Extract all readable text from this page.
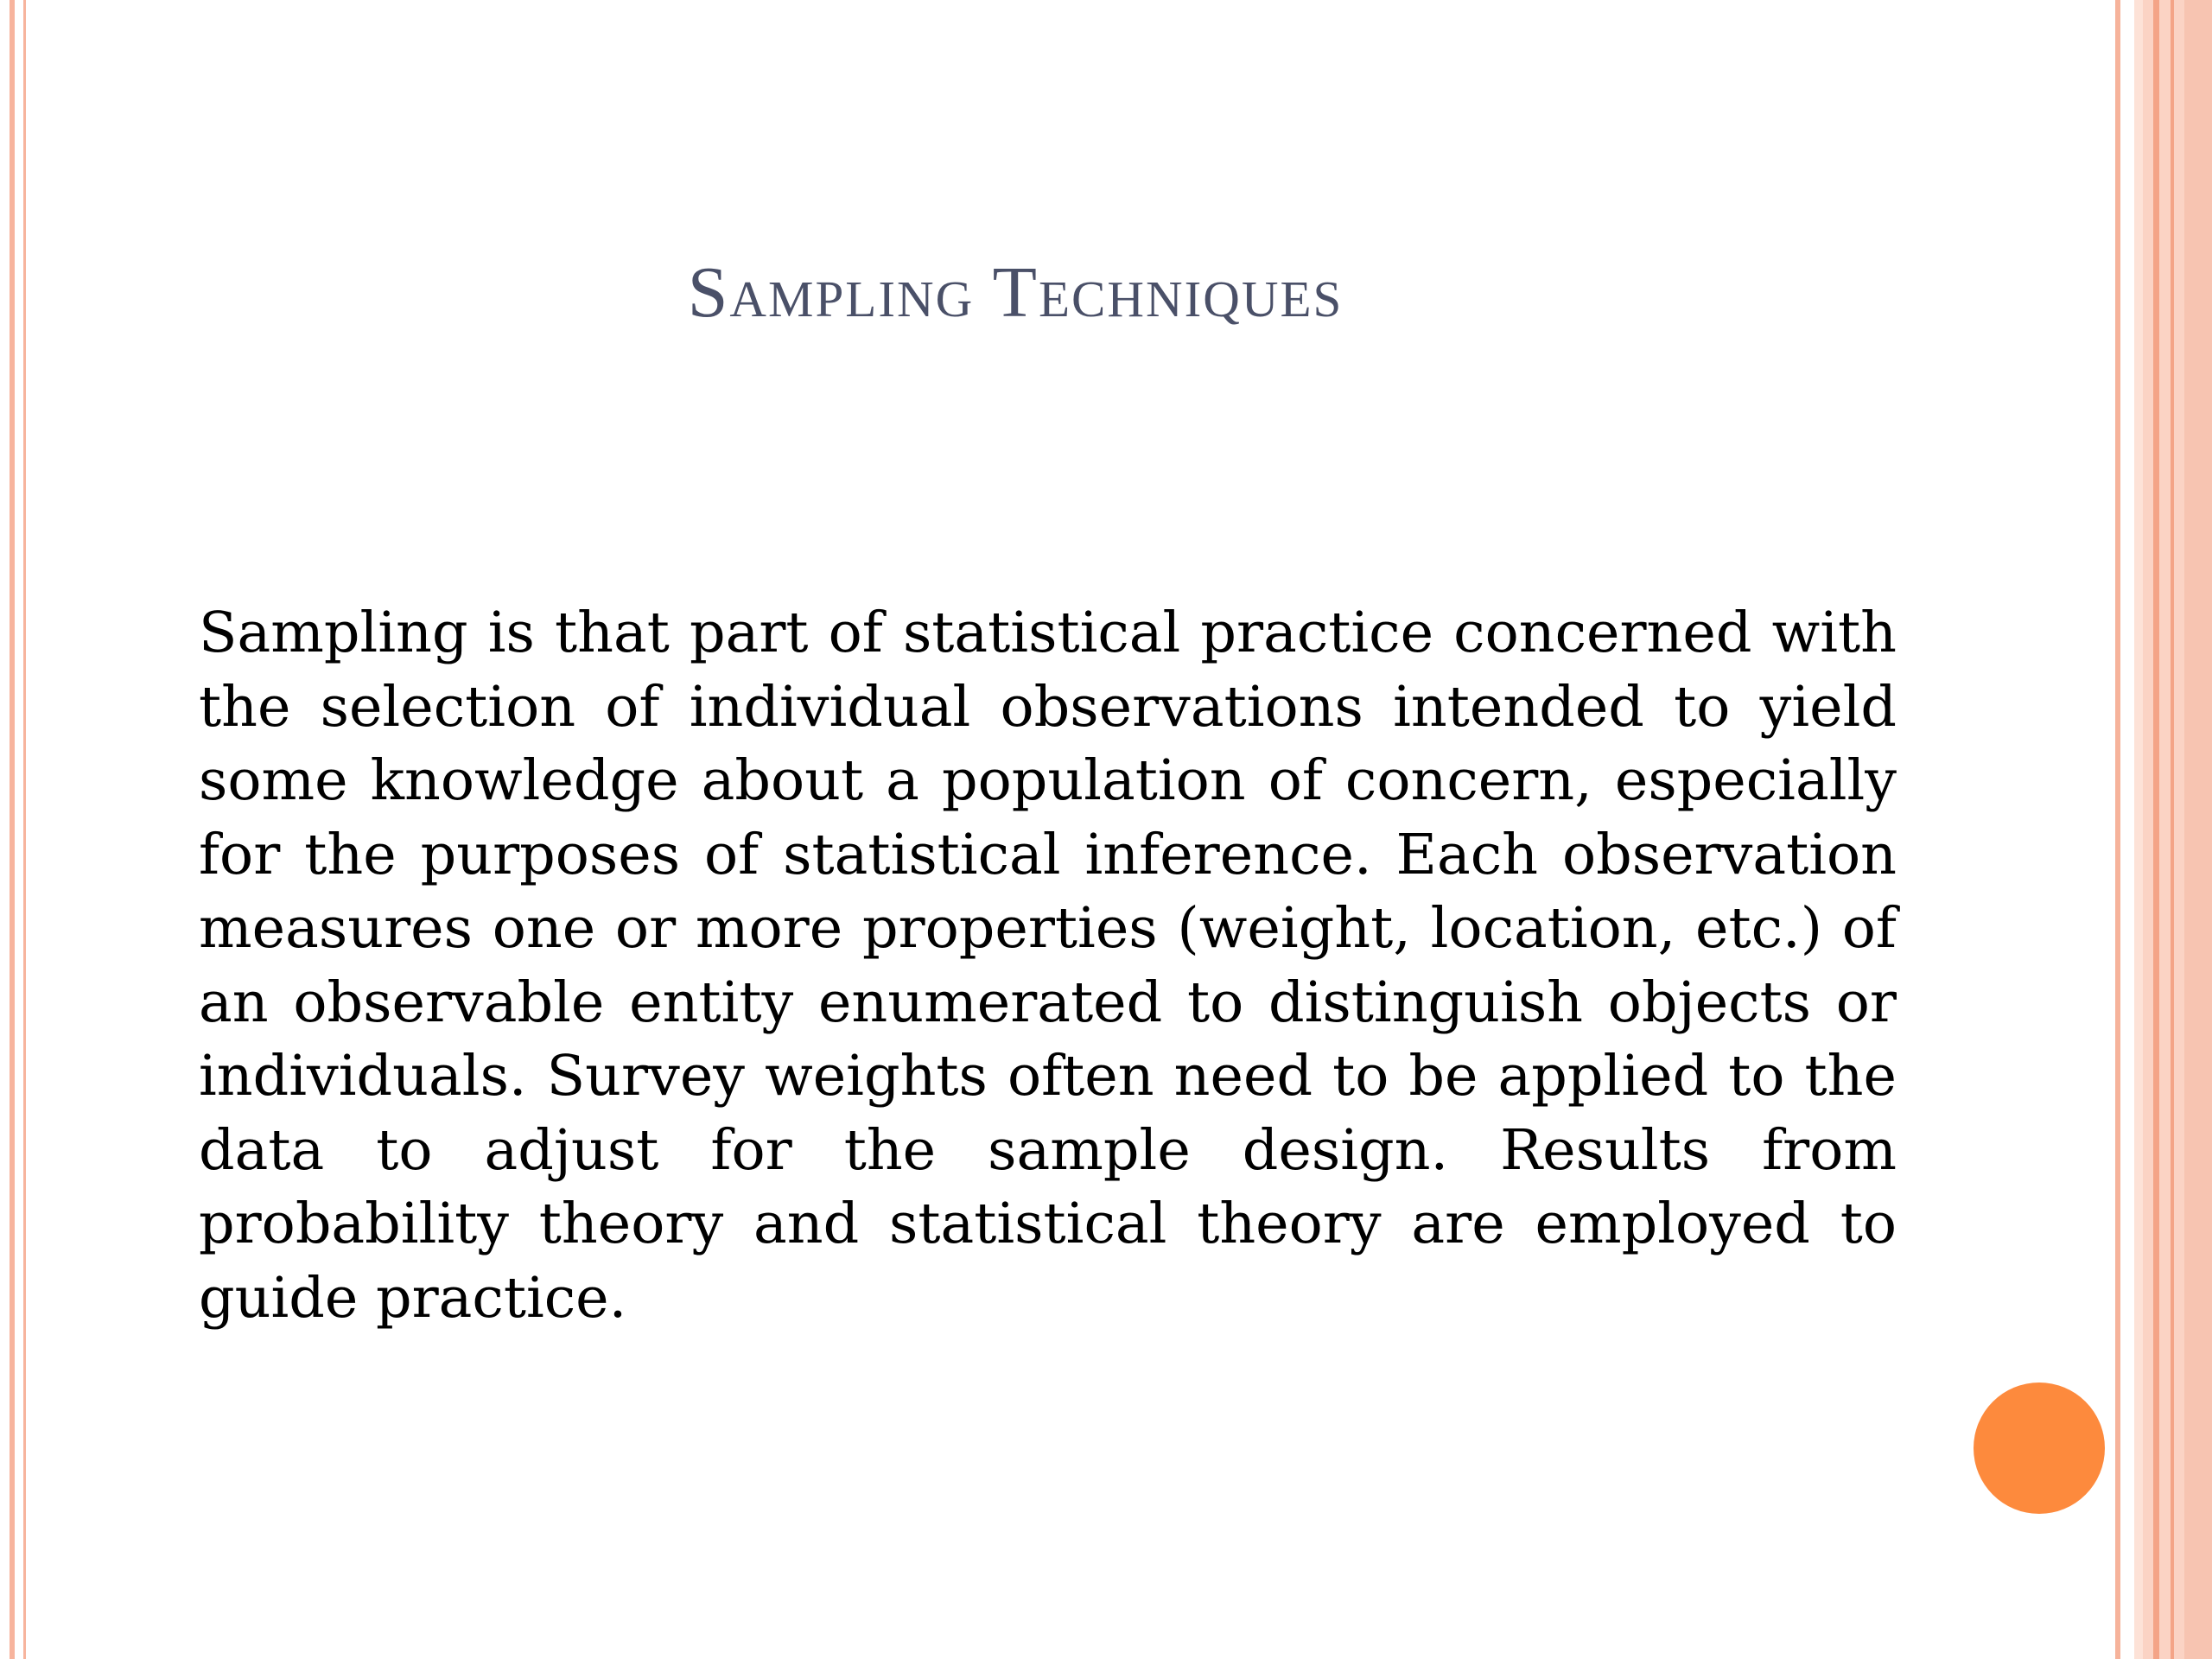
Sampling Techniques

Sampling is that part of statistical practice concerned with the selection of individual observations intended to yield some knowledge about a population of concern, especially for the purposes of statistical inference. Each observation measures one or more properties (weight, location, etc.) of an observable entity enumerated to distinguish objects or individuals. Survey weights often need to be applied to the data to adjust for the sample design. Results from probability theory and statistical theory are employed to guide practice.
